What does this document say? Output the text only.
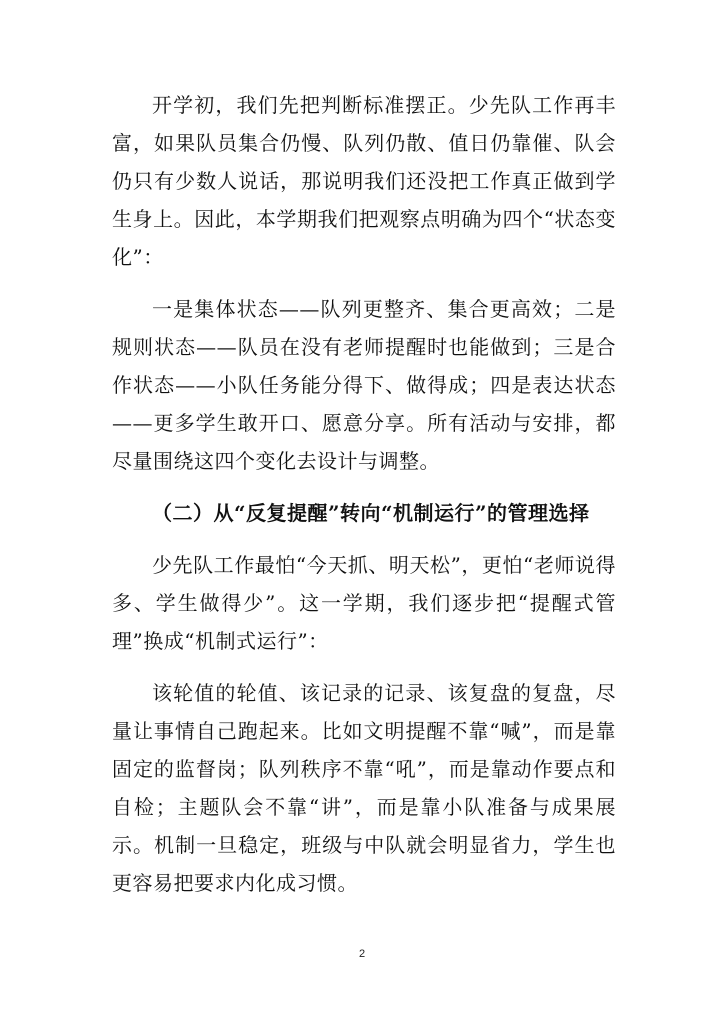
开学初，我们先把判断标准摆正。少先队工作再丰富，如果队员集合仍慢、队列仍散、值日仍靠催、队会仍只有少数人说话，那说明我们还没把工作真正做到学生身上。因此，本学期我们把观察点明确为四个“状态变化”：

一是集体状态——队列更整齐、集合更高效；二是规则状态——队员在没有老师提醒时也能做到；三是合作状态——小队任务能分得下、做得成；四是表达状态——更多学生敢开口、愿意分享。所有活动与安排，都尽量围绕这四个变化去设计与调整。

（二）从“反复提醒”转向“机制运行”的管理选择

少先队工作最怕“今天抓、明天松”，更怕“老师说得多、学生做得少”。这一学期，我们逐步把“提醒式管理”换成“机制式运行”：

该轮值的轮值、该记录的记录、该复盘的复盘，尽量让事情自己跑起来。比如文明提醒不靠“喊”，而是靠固定的监督岗；队列秩序不靠“吼”，而是靠动作要点和自检；主题队会不靠“讲”，而是靠小队准备与成果展示。机制一旦稳定，班级与中队就会明显省力，学生也更容易把要求内化成习惯。

2
